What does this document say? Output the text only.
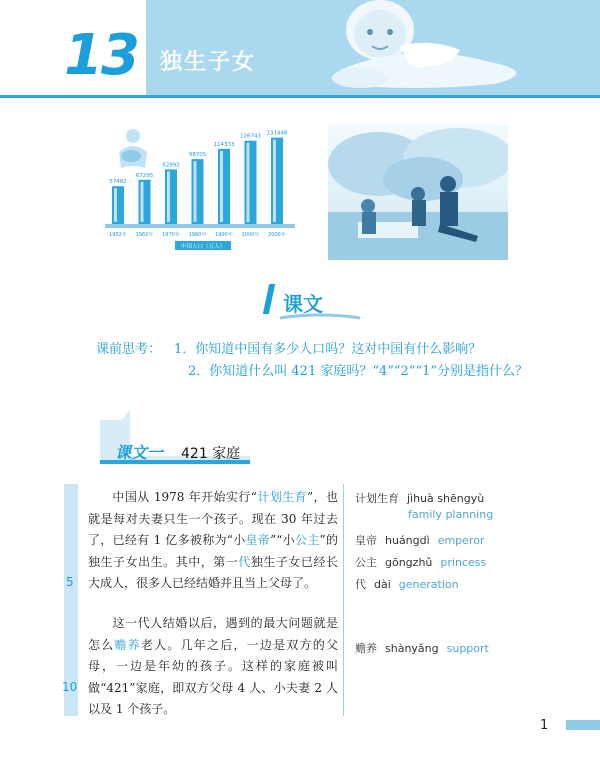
13 独生子女
57482
67295
82992
98705
114333
126743
131448
1952年 1962年 1970年 1980年 1990年 2000年 2006年
中国人口（万人）
课文
课前思考： 1．你知道中国有多少人口吗？这对中国有什么影响？
2．你知道什么叫 421 家庭吗？“4”“2”“1”分别是指什么？
课文一 421 家庭
5
10
  中国从 1978 年开始实行“计划生育”，也就是每对夫妻只生一个孩子。现在 30 年过去了，已经有 1 亿多被称为“小皇帝”“小公主”的独生子女出生。其中，第一代独生子女已经长大成人，很多人已经结婚并且当上父母了。
  这一代人结婚以后，遇到的最大问题就是怎么赡养老人。几年之后，一边是双方的父母，一边是年幼的孩子。这样的家庭被叫做“421”家庭，即双方父母 4 人、小夫妻 2 人以及 1 个孩子。
计划生育 jìhuà shēngyù
family planning
皇帝 huángdì emperor
公主 gōngzhǔ princess
代 dài generation
赡养 shànyǎng support
1
